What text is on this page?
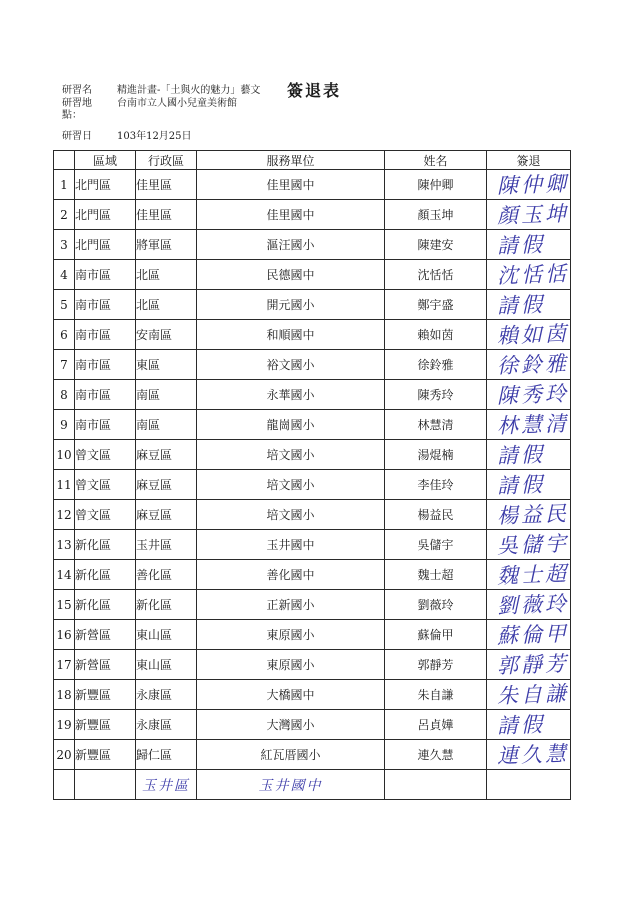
研習名	精進計畫-「土與火的魅力」藝文 簽退表
研習地	台南市立人國小兒童美術館
點：
研習日	103年12月25日
	區域	行政區	服務單位	姓名	簽退
1	北門區	佳里區	佳里國中	陳仲卿	陳仲卿

2	北門區	佳里區	佳里國中	顏玉坤	顏玉坤

3	北門區	將軍區	漚汪國小	陳建安	請假

4	南市區	北區	民德國中	沈恬恬	沈恬恬

5	南市區	北區	開元國小	鄭宇盛	請假

6	南市區	安南區	和順國中	賴如茵	賴如茵

7	南市區	東區	裕文國小	徐鈴雅	徐鈴雅

8	南市區	南區	永華國小	陳秀玲	陳秀玲

9	南市區	南區	龍崗國小	林慧清	林慧清

10	曾文區	麻豆區	培文國小	湯焜楠	請假

11	曾文區	麻豆區	培文國小	李佳玲	請假

12	曾文區	麻豆區	培文國小	楊益民	楊益民

13	新化區	玉井區	玉井國中	吳儲宇	吳儲宇

14	新化區	善化區	善化國中	魏士超	魏士超

15	新化區	新化區	正新國小	劉薇玲	劉薇玲

16	新營區	東山區	東原國小	蘇倫甲	蘇倫甲

17	新營區	東山區	東原國小	郭靜芳	郭靜芳

18	新豐區	永康區	大橋國中	朱自謙	朱自謙

19	新豐區	永康區	大灣國小	呂貞嬅	請假

20	新豐區	歸仁區	紅瓦厝國小	連久慧	連久慧

		玉井區	玉井國中		
